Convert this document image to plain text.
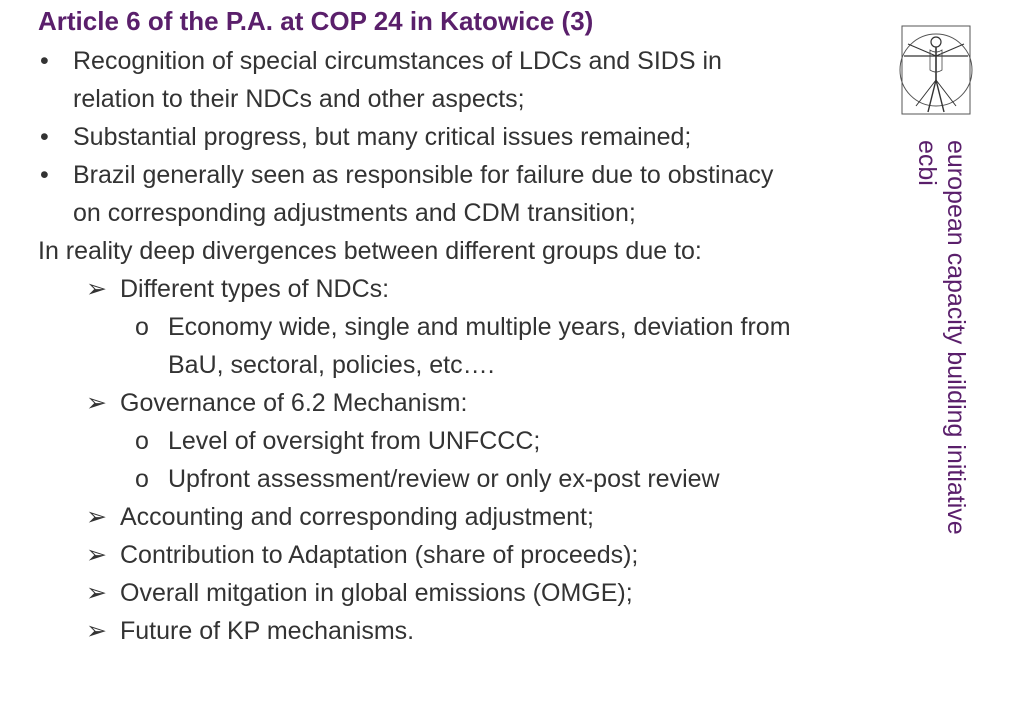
Article 6 of the P.A. at COP 24 in Katowice (3)
• Recognition of special circumstances of LDCs and SIDS in
relation to their NDCs and other aspects;
• Substantial progress, but many critical issues remained;
• Brazil generally seen as responsible for failure due to obstinacy
on corresponding adjustments and CDM transition;
In reality deep divergences between different groups due to:
➢ Different types of NDCs:
o Economy wide, single and multiple years, deviation from
BaU, sectoral, policies, etc….
➢ Governance of 6.2 Mechanism:
o Level of oversight from UNFCCC;
o Upfront assessment/review or only ex-post review
➢ Accounting and corresponding adjustment;
➢ Contribution to Adaptation (share of proceeds);
➢ Overall mitgation in global emissions (OMGE);
➢ Future of KP mechanisms.
european capacity building initiative
ecbi
